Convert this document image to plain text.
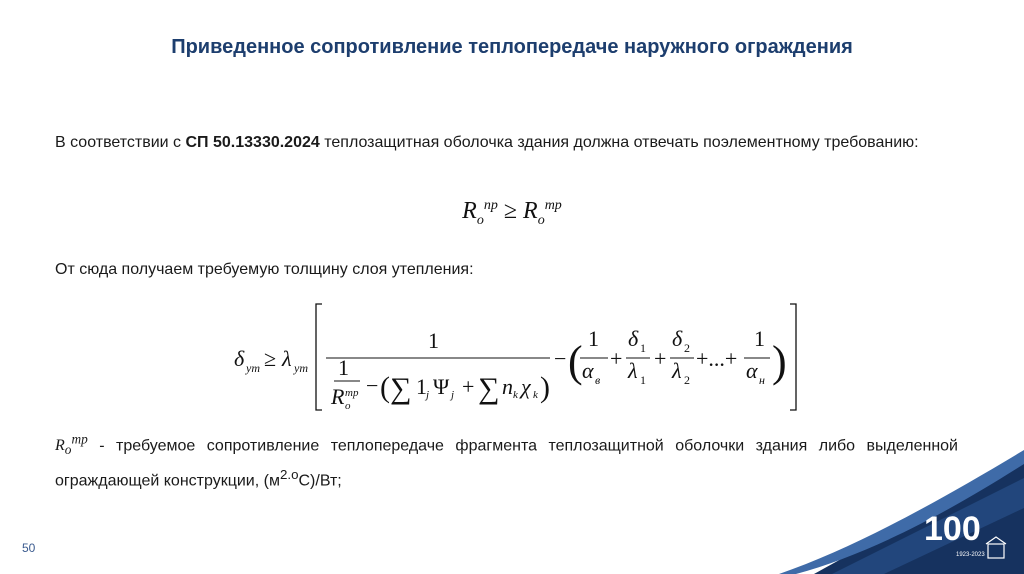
Приведенное сопротивление теплопередаче наружного ограждения
В соответствии с СП 50.13330.2024 теплозащитная оболочка здания должна отвечать поэлементному требованию:
$R_o^{пр} \ge R_o^{тр}$
От сюда получаем требуемую толщину слоя утепления:
δ ут ≥ λ ут
1
1
R o
тр − ( ∑ 1 j Ψ j + ∑ n k χ k )
− ( 1
α в
+
δ 1
λ 1
+
δ 2
λ 2
+...+
1
α н )
$R_o^{тр}$ - требуемое сопротивление теплопередаче фрагмента теплозащитной оболочки здания либо выделенной ограждающей конструкции, $(м^{2.о}С)/Вт$;
50	100
1923-2023
